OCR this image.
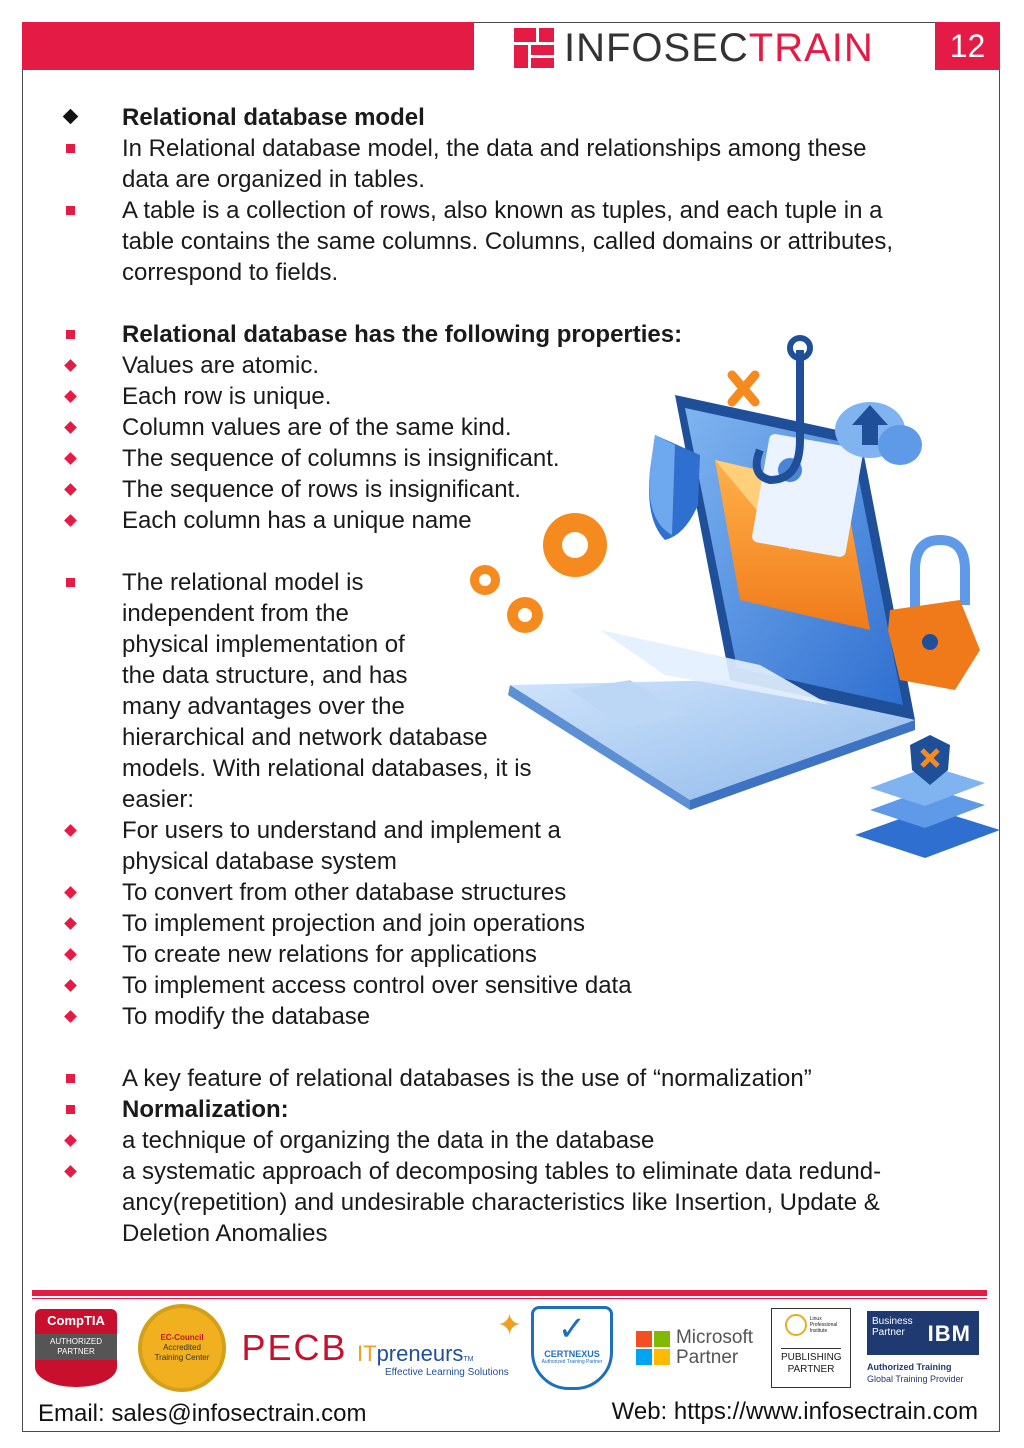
INFOSECTRAIN	12
Relational database model
In Relational database model, the data and relationships among these
data are organized in tables.
A table is a collection of rows, also known as tuples, and each tuple in a
table contains the same columns. Columns, called domains or attributes,
correspond to fields.
Relational database has the following properties:
Values are atomic.
Each row is unique.
Column values are of the same kind.
The sequence of columns is insignificant.
The sequence of rows is insignificant.
Each column has a unique name
The relational model is
independent from the
physical implementation of
the data structure, and has
many advantages over the
hierarchical and network database
models. With relational databases, it is
easier:
For users to understand and implement a
physical database system
To convert from other database structures
To implement projection and join operations
To create new relations for applications
To implement access control over sensitive data
To modify the database
A key feature of relational databases is the use of “normalization”
Normalization:
a technique of organizing the data in the database
a systematic approach of decomposing tables to eliminate data redund-
ancy(repetition) and undesirable characteristics like Insertion, Update &
Deletion Anomalies
CompTIA
AUTHORIZED
PARTNER
EC-Council
Accredited
Training Center PECB
✦
ITpreneursTM
Effective Learning Solutions
✓
CERTNEXUS
Authorized Training Partner
Microsoft
Partner
Linux
Professional
Institute
PUBLISHING
PARTNER
Business
Partner	IBM TM
Authorized Training
Global Training Provider
Email: sales@infosectrain.com	Web: https://www.infosectrain.com
